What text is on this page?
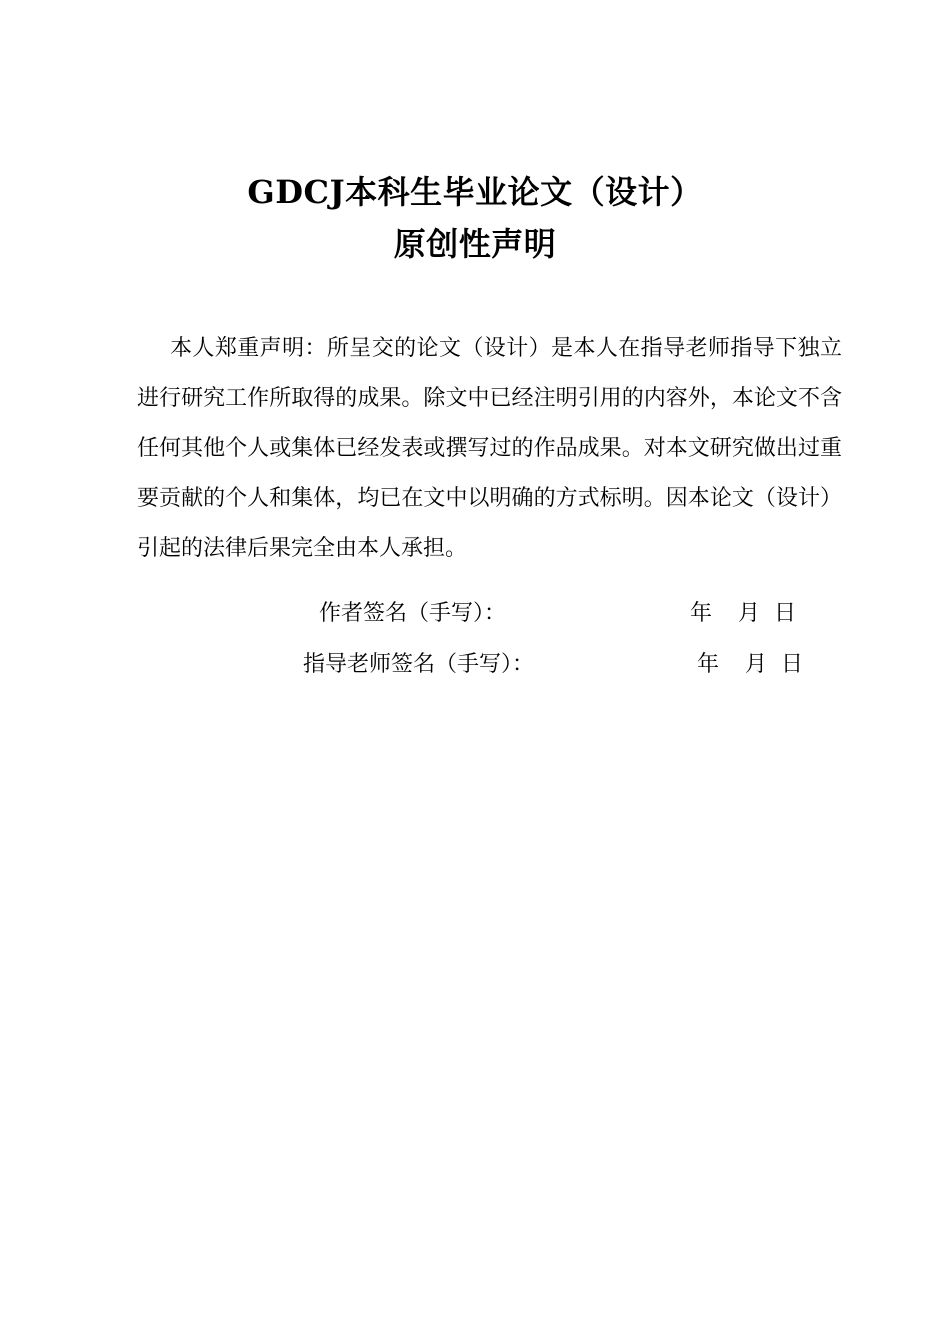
GDCJ本科生毕业论文（设计）
原创性声明
本人郑重声明：所呈交的论文（设计）是本人在指导老师指导下独立进行研究工作所取得的成果。除文中已经注明引用的内容外，本论文不含任何其他个人或集体已经发表或撰写过的作品成果。对本文研究做出过重要贡献的个人和集体，均已在文中以明确的方式标明。因本论文（设计）引起的法律后果完全由本人承担。
作者签名（手写）：	年 月 日
指导老师签名（手写）：	年 月 日
